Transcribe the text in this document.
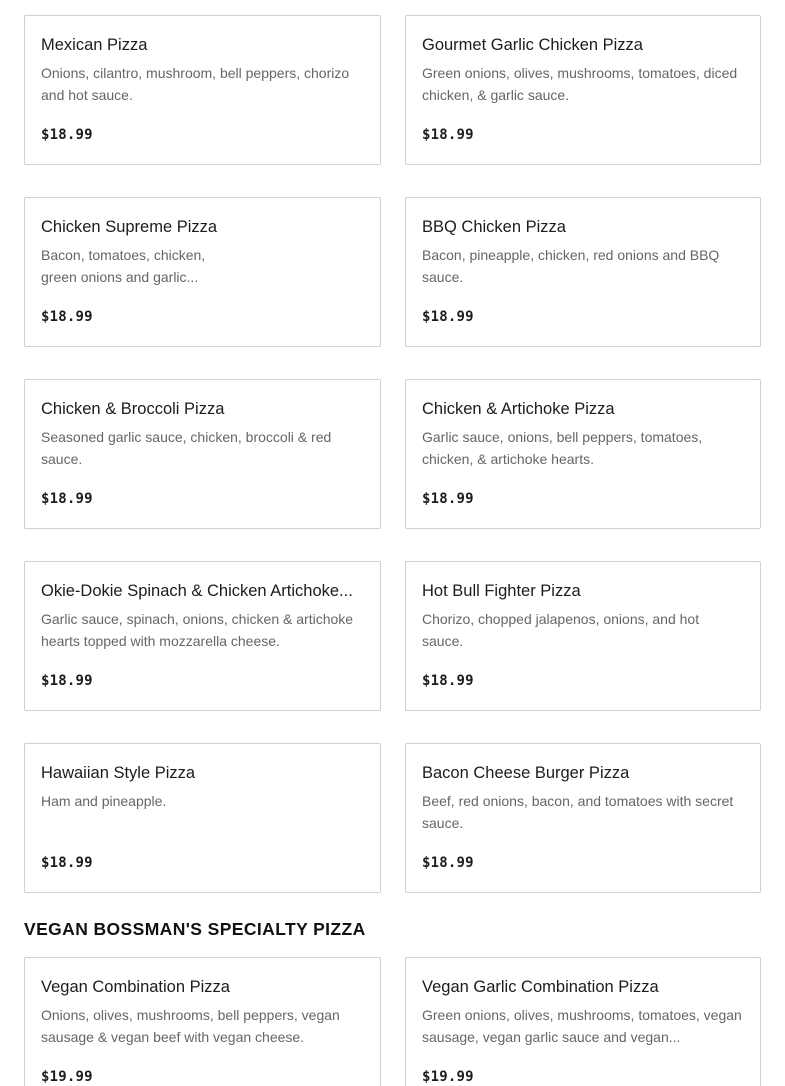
Mexican Pizza
Onions, cilantro, mushroom, bell peppers, chorizo and hot sauce.
$18.99
Gourmet Garlic Chicken Pizza
Green onions, olives, mushrooms, tomatoes, diced chicken, & garlic sauce.
$18.99
Chicken Supreme Pizza
Bacon, tomatoes, chicken,
green onions and garlic...
$18.99
BBQ Chicken Pizza
Bacon, pineapple, chicken, red onions and BBQ sauce.
$18.99
Chicken & Broccoli Pizza
Seasoned garlic sauce, chicken, broccoli & red sauce.
$18.99
Chicken & Artichoke Pizza
Garlic sauce, onions, bell peppers, tomatoes, chicken, & artichoke hearts.
$18.99
Okie-Dokie Spinach & Chicken Artichoke...
Garlic sauce, spinach, onions, chicken & artichoke hearts topped with mozzarella cheese.
$18.99
Hot Bull Fighter Pizza
Chorizo, chopped jalapenos, onions, and hot sauce.
$18.99
Hawaiian Style Pizza
Ham and pineapple.
$18.99
Bacon Cheese Burger Pizza
Beef, red onions, bacon, and tomatoes with secret sauce.
$18.99
VEGAN BOSSMAN'S SPECIALTY PIZZA
Vegan Combination Pizza
Onions, olives, mushrooms, bell peppers, vegan sausage & vegan beef with vegan cheese.
$19.99
Vegan Garlic Combination Pizza
Green onions, olives, mushrooms, tomatoes, vegan sausage, vegan garlic sauce and vegan...
$19.99
